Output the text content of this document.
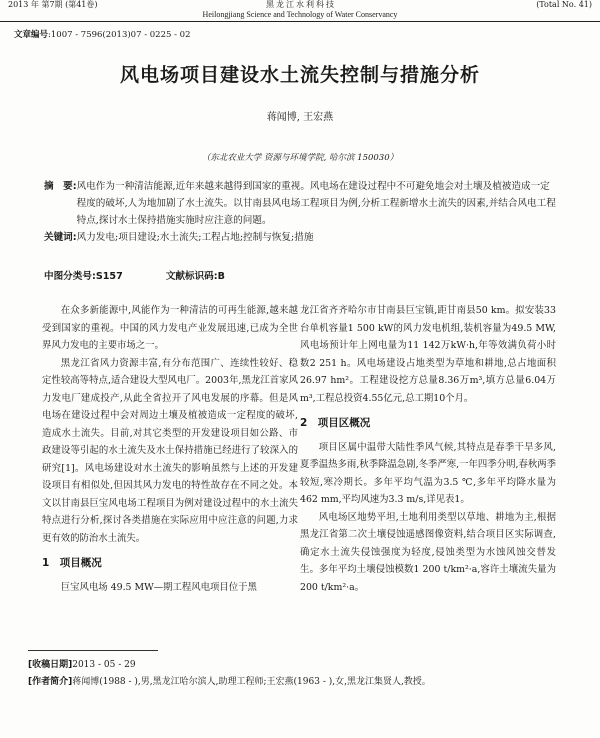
2013 年 第7期 (第41卷)	黑 龙 江 水 利 科 技
Heilongjiang Science and Technology of Water Conservancy
(Total No. 41)
文章编号:1007 - 7596(2013)07 - 0225 - 02
风电场项目建设水土流失控制与措施分析
蒋闻博, 王宏燕
（东北农业大学 资源与环境学院, 哈尔滨 150030）
摘　要: 风电作为一种清洁能源,近年来越来越得到国家的重视。风电场在建设过程中不可避免地会对土壤及植被造成一定程度的破坏,人为地加剧了水土流失。以甘南县风电场工程项目为例,分析工程新增水土流失的因素,并结合风电工程特点,探讨水土保持措施实施时应注意的问题。
关键词: 风力发电;项目建设;水土流失;工程占地;控制与恢复;措施
中图分类号:S157	文献标识码:B

在众多新能源中,风能作为一种清洁的可再生能源,越来越受到国家的重视。中国的风力发电产业发展迅速,已成为全世界风力发电的主要市场之一。

黑龙江省风力资源丰富,有分布范围广、连续性较好、稳定性较高等特点,适合建设大型风电厂。2003年,黑龙江首家风力发电厂建成投产,从此全省拉开了风电发展的序幕。但是风电场在建设过程中会对周边土壤及植被造成一定程度的破坏,造成水土流失。目前,对其它类型的开发建设项目如公路、市政建设等引起的水土流失及水土保持措施已经进行了较深入的研究[1]。风电场建设对水土流失的影响虽然与上述的开发建设项目有相似处,但因其风力发电的特性故存在不同之处。本文以甘南县巨宝风电场工程项目为例对建设过程中的水土流失特点进行分析,探讨各类措施在实际应用中应注意的问题,力求更有效的防治水土流失。

1　项目概况

巨宝风电场 49.5 MW—期工程风电项目位于黑

龙江省齐齐哈尔市甘南县巨宝镇,距甘南县50 km。拟安装33台单机容量1 500 kW的风力发电机组,装机容量为49.5 MW,风电场预计年上网电量为11 142万kW·h,年等效满负荷小时数2 251 h。风电场建设占地类型为草地和耕地,总占地面积26.97 hm²。工程建设挖方总量8.36万m³,填方总量6.04万m³,工程总投资4.55亿元,总工期10个月。

2　项目区概况

项目区属中温带大陆性季风气候,其特点是春季干旱多风,夏季温热多雨,秋季降温急剧,冬季严寒,一年四季分明,春秋两季较短,寒冷期长。多年平均气温为3.5 ℃,多年平均降水量为462 mm,平均风速为3.3 m/s,详见表1。

风电场区地势平坦,土地利用类型以草地、耕地为主,根据黑龙江省第二次土壤侵蚀遥感图像资料,结合项目区实际调查,确定水土流失侵蚀强度为轻度,侵蚀类型为水蚀风蚀交替发生。多年平均土壤侵蚀模数1 200 t/km²·a,容许土壤流失量为200 t/km²·a。

[收稿日期]2013 - 05 - 29
[作者简介]蒋闻博(1988 - ),男,黑龙江哈尔滨人,助理工程师;王宏燕(1963 - ),女,黑龙江集贤人,教授。
